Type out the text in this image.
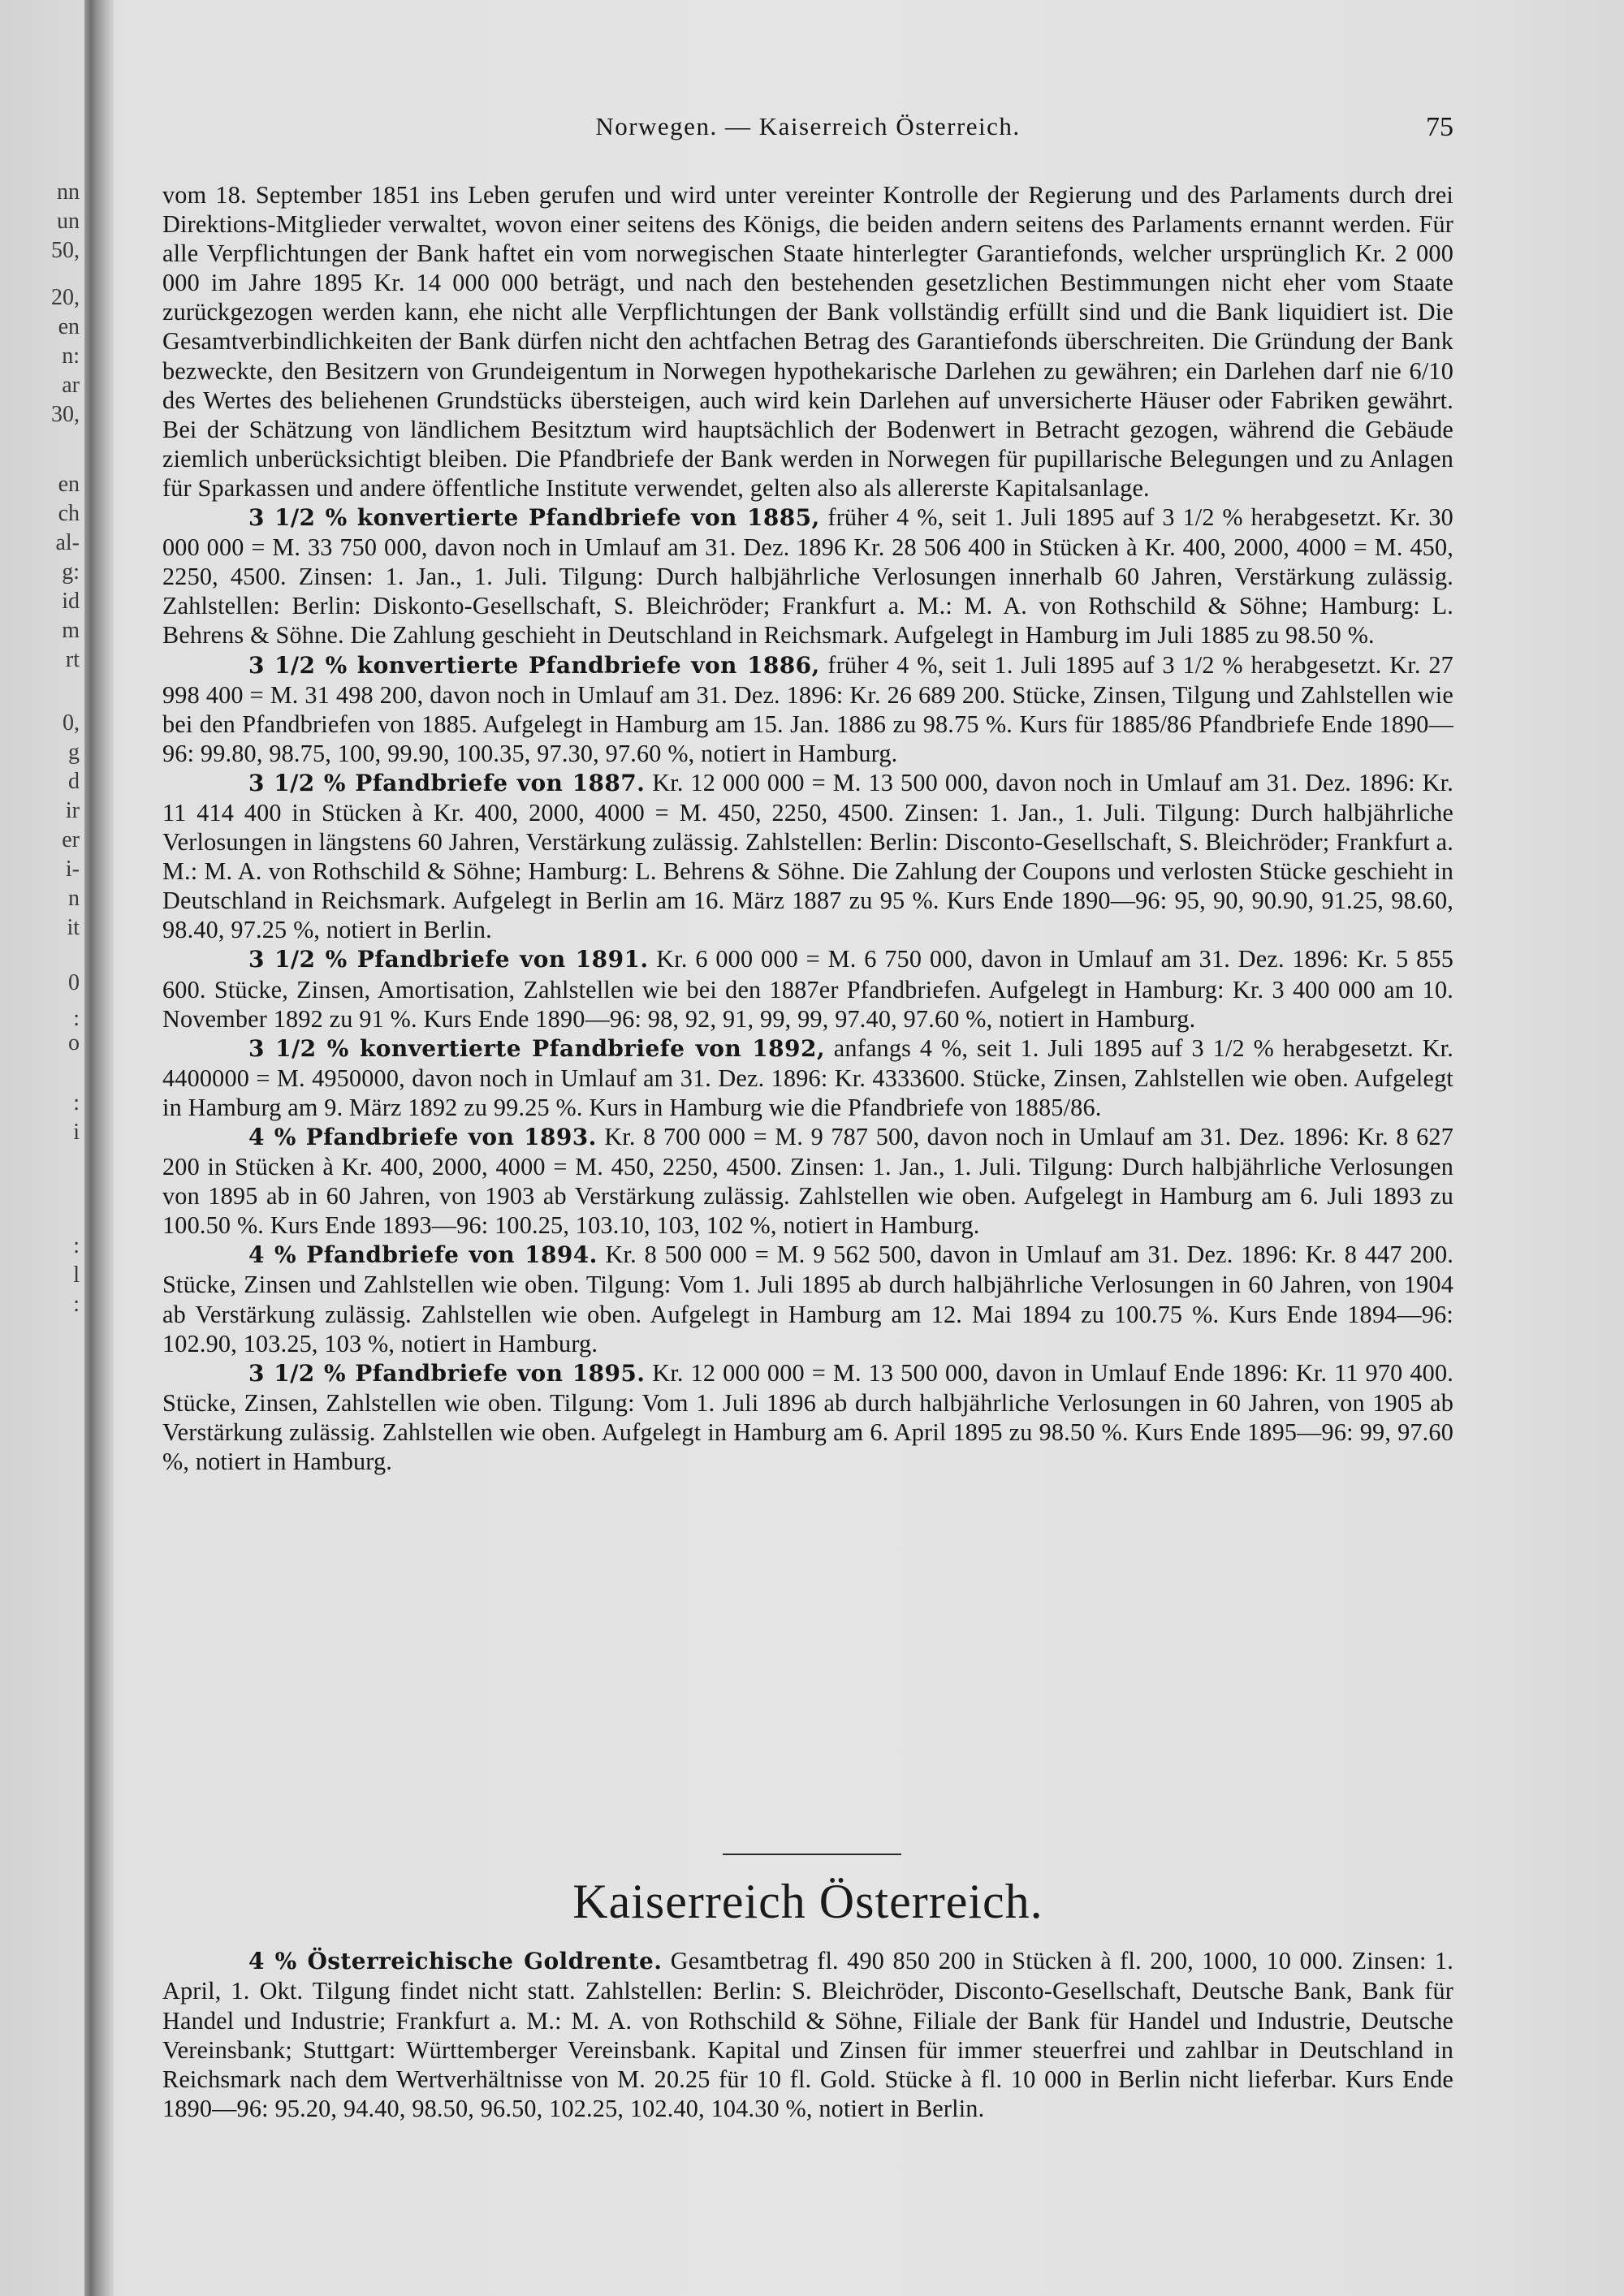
nn
un
50,
20,
en
n:
ar
30,
en
ch
al-
g:
id
m
rt
0,
g
d
ir
er
i-
n
it
0
:
o
:
i
:
l
:
Norwegen. — Kaiserreich Österreich.	75

vom 18. September 1851 ins Leben gerufen und wird unter vereinter Kontrolle der Regierung und des Parlaments durch drei Direktions-Mitglieder verwaltet, wovon einer seitens des Königs, die beiden andern seitens des Parlaments ernannt werden. Für alle Verpflichtungen der Bank haftet ein vom norwegischen Staate hinterlegter Garantiefonds, welcher ursprünglich Kr. 2 000 000 im Jahre 1895 Kr. 14 000 000 beträgt, und nach den bestehenden gesetzlichen Bestimmungen nicht eher vom Staate zurückgezogen werden kann, ehe nicht alle Verpflichtungen der Bank vollständig erfüllt sind und die Bank liquidiert ist. Die Gesamtverbindlichkeiten der Bank dürfen nicht den achtfachen Betrag des Garantiefonds überschreiten. Die Gründung der Bank bezweckte, den Besitzern von Grundeigentum in Norwegen hypothekarische Darlehen zu gewähren; ein Darlehen darf nie 6/10 des Wertes des beliehenen Grundstücks übersteigen, auch wird kein Darlehen auf unversicherte Häuser oder Fabriken gewährt. Bei der Schätzung von ländlichem Besitztum wird hauptsächlich der Bodenwert in Betracht gezogen, während die Gebäude ziemlich unberücksichtigt bleiben. Die Pfandbriefe der Bank werden in Norwegen für pupillarische Belegungen und zu Anlagen für Sparkassen und andere öffentliche Institute verwendet, gelten also als allererste Kapitalsanlage.

3 1/2 % konvertierte Pfandbriefe von 1885, früher 4 %, seit 1. Juli 1895 auf 3 1/2 % herabgesetzt. Kr. 30 000 000 = M. 33 750 000, davon noch in Umlauf am 31. Dez. 1896 Kr. 28 506 400 in Stücken à Kr. 400, 2000, 4000 = M. 450, 2250, 4500. Zinsen: 1. Jan., 1. Juli. Tilgung: Durch halbjährliche Verlosungen innerhalb 60 Jahren, Verstärkung zulässig. Zahlstellen: Berlin: Diskonto-Gesellschaft, S. Bleichröder; Frankfurt a. M.: M. A. von Rothschild & Söhne; Hamburg: L. Behrens & Söhne. Die Zahlung geschieht in Deutschland in Reichsmark. Aufgelegt in Hamburg im Juli 1885 zu 98.50 %.

3 1/2 % konvertierte Pfandbriefe von 1886, früher 4 %, seit 1. Juli 1895 auf 3 1/2 % herabgesetzt. Kr. 27 998 400 = M. 31 498 200, davon noch in Umlauf am 31. Dez. 1896: Kr. 26 689 200. Stücke, Zinsen, Tilgung und Zahlstellen wie bei den Pfandbriefen von 1885. Aufgelegt in Hamburg am 15. Jan. 1886 zu 98.75 %. Kurs für 1885/86 Pfandbriefe Ende 1890—96: 99.80, 98.75, 100, 99.90, 100.35, 97.30, 97.60 %, notiert in Hamburg.

3 1/2 % Pfandbriefe von 1887. Kr. 12 000 000 = M. 13 500 000, davon noch in Umlauf am 31. Dez. 1896: Kr. 11 414 400 in Stücken à Kr. 400, 2000, 4000 = M. 450, 2250, 4500. Zinsen: 1. Jan., 1. Juli. Tilgung: Durch halbjährliche Verlosungen in längstens 60 Jahren, Verstärkung zulässig. Zahlstellen: Berlin: Disconto-Gesellschaft, S. Bleichröder; Frankfurt a. M.: M. A. von Rothschild & Söhne; Hamburg: L. Behrens & Söhne. Die Zahlung der Coupons und verlosten Stücke geschieht in Deutschland in Reichsmark. Aufgelegt in Berlin am 16. März 1887 zu 95 %. Kurs Ende 1890—96: 95, 90, 90.90, 91.25, 98.60, 98.40, 97.25 %, notiert in Berlin.

3 1/2 % Pfandbriefe von 1891. Kr. 6 000 000 = M. 6 750 000, davon in Umlauf am 31. Dez. 1896: Kr. 5 855 600. Stücke, Zinsen, Amortisation, Zahlstellen wie bei den 1887er Pfandbriefen. Aufgelegt in Hamburg: Kr. 3 400 000 am 10. November 1892 zu 91 %. Kurs Ende 1890—96: 98, 92, 91, 99, 99, 97.40, 97.60 %, notiert in Hamburg.

3 1/2 % konvertierte Pfandbriefe von 1892, anfangs 4 %, seit 1. Juli 1895 auf 3 1/2 % herabgesetzt. Kr. 4400000 = M. 4950000, davon noch in Umlauf am 31. Dez. 1896: Kr. 4333600. Stücke, Zinsen, Zahlstellen wie oben. Aufgelegt in Hamburg am 9. März 1892 zu 99.25 %. Kurs in Hamburg wie die Pfandbriefe von 1885/86.

4 % Pfandbriefe von 1893. Kr. 8 700 000 = M. 9 787 500, davon noch in Umlauf am 31. Dez. 1896: Kr. 8 627 200 in Stücken à Kr. 400, 2000, 4000 = M. 450, 2250, 4500. Zinsen: 1. Jan., 1. Juli. Tilgung: Durch halbjährliche Verlosungen von 1895 ab in 60 Jahren, von 1903 ab Verstärkung zulässig. Zahlstellen wie oben. Aufgelegt in Hamburg am 6. Juli 1893 zu 100.50 %. Kurs Ende 1893—96: 100.25, 103.10, 103, 102 %, notiert in Hamburg.

4 % Pfandbriefe von 1894. Kr. 8 500 000 = M. 9 562 500, davon in Umlauf am 31. Dez. 1896: Kr. 8 447 200. Stücke, Zinsen und Zahlstellen wie oben. Tilgung: Vom 1. Juli 1895 ab durch halbjährliche Verlosungen in 60 Jahren, von 1904 ab Verstärkung zulässig. Zahlstellen wie oben. Aufgelegt in Hamburg am 12. Mai 1894 zu 100.75 %. Kurs Ende 1894—96: 102.90, 103.25, 103 %, notiert in Hamburg.

3 1/2 % Pfandbriefe von 1895. Kr. 12 000 000 = M. 13 500 000, davon in Umlauf Ende 1896: Kr. 11 970 400. Stücke, Zinsen, Zahlstellen wie oben. Tilgung: Vom 1. Juli 1896 ab durch halbjährliche Verlosungen in 60 Jahren, von 1905 ab Verstärkung zulässig. Zahlstellen wie oben. Aufgelegt in Hamburg am 6. April 1895 zu 98.50 %. Kurs Ende 1895—96: 99, 97.60 %, notiert in Hamburg.

Kaiserreich Österreich.

4 % Österreichische Goldrente. Gesamtbetrag fl. 490 850 200 in Stücken à fl. 200, 1000, 10 000. Zinsen: 1. April, 1. Okt. Tilgung findet nicht statt. Zahlstellen: Berlin: S. Bleichröder, Disconto-Gesellschaft, Deutsche Bank, Bank für Handel und Industrie; Frankfurt a. M.: M. A. von Rothschild & Söhne, Filiale der Bank für Handel und Industrie, Deutsche Vereinsbank; Stuttgart: Württemberger Vereinsbank. Kapital und Zinsen für immer steuerfrei und zahlbar in Deutschland in Reichsmark nach dem Wertverhältnisse von M. 20.25 für 10 fl. Gold. Stücke à fl. 10 000 in Berlin nicht lieferbar. Kurs Ende 1890—96: 95.20, 94.40, 98.50, 96.50, 102.25, 102.40, 104.30 %, notiert in Berlin.
